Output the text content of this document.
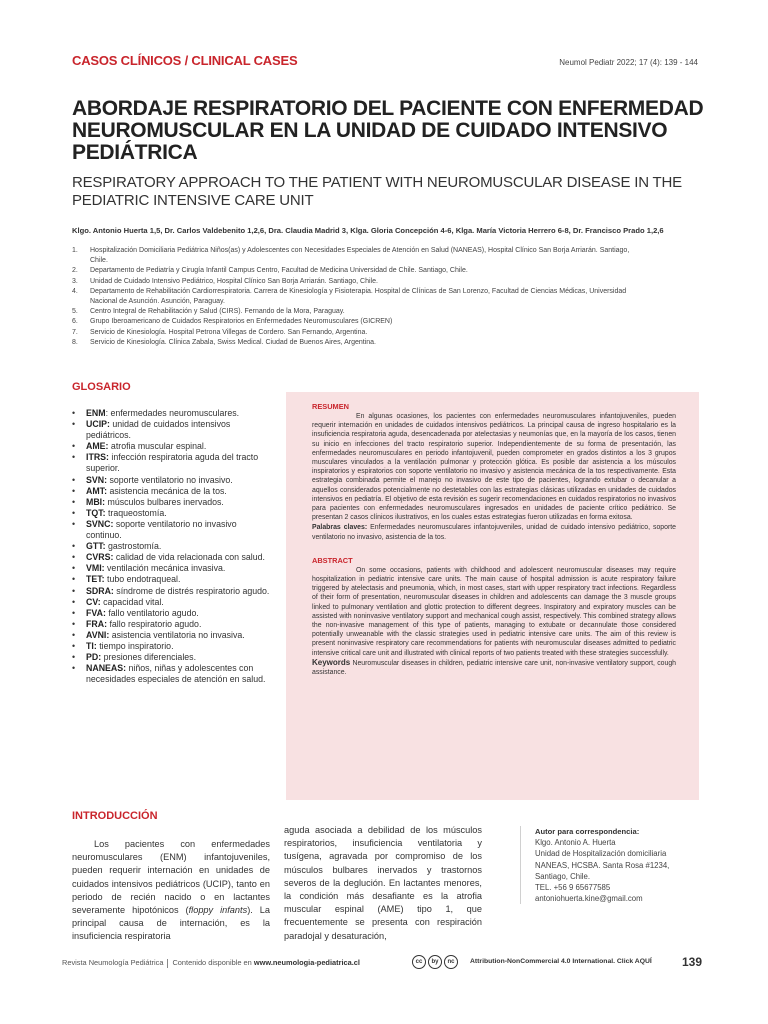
CASOS CLÍNICOS / CLINICAL CASES	Neumol Pediatr 2022; 17 (4): 139 - 144
ABORDAJE RESPIRATORIO DEL PACIENTE CON ENFERMEDAD NEUROMUSCULAR EN LA UNIDAD DE CUIDADO INTENSIVO PEDIÁTRICA
RESPIRATORY APPROACH TO THE PATIENT WITH NEUROMUSCULAR DISEASE IN THE PEDIATRIC INTENSIVE CARE UNIT
Klgo. Antonio Huerta 1,5, Dr. Carlos Valdebenito 1,2,6, Dra. Claudia Madrid 3, Klga. Gloria Concepción 4-6, Klga. María Victoria Herrero 6-8, Dr. Francisco Prado 1,2,6
1. Hospitalización Domiciliaria Pediátrica Niños(as) y Adolescentes con Necesidades Especiales de Atención en Salud (NANEAS), Hospital Clínico San Borja Arriarán. Santiago, Chile.
2. Departamento de Pediatría y Cirugía Infantil Campus Centro, Facultad de Medicina Universidad de Chile. Santiago, Chile.
3. Unidad de Cuidado Intensivo Pediátrico, Hospital Clínico San Borja Arriarán. Santiago, Chile.
4. Departamento de Rehabilitación Cardiorrespiratoria. Carrera de Kinesiología y Fisioterapia. Hospital de Clínicas de San Lorenzo, Facultad de Ciencias Médicas, Universidad Nacional de Asunción. Asunción, Paraguay.
5. Centro Integral de Rehabilitación y Salud (CIRS). Fernando de la Mora, Paraguay.
6. Grupo Iberoamericano de Cuidados Respiratorios en Enfermedades Neuromusculares (GICREN)
7. Servicio de Kinesiología. Hospital Petrona Villegas de Cordero. San Fernando, Argentina.
8. Servicio de Kinesiología. Clínica Zabala, Swiss Medical. Ciudad de Buenos Aires, Argentina.
GLOSARIO
• ENM: enfermedades neuromusculares.
• UCIP: unidad de cuidados intensivos pediátricos.
• AME: atrofia muscular espinal.
• ITRS: infección respiratoria aguda del tracto superior.
• SVN: soporte ventilatorio no invasivo.
• AMT: asistencia mecánica de la tos.
• MBI: músculos bulbares inervados.
• TQT: traqueostomía.
• SVNC: soporte ventilatorio no invasivo continuo.
• GTT: gastrostomía.
• CVRS: calidad de vida relacionada con salud.
• VMI: ventilación mecánica invasiva.
• TET: tubo endotraqueal.
• SDRA: síndrome de distrés respiratorio agudo.
• CV: capacidad vital.
• FVA: fallo ventilatorio agudo.
• FRA: fallo respiratorio agudo.
• AVNI: asistencia ventilatoria no invasiva.
• TI: tiempo inspiratorio.
• PD: presiones diferenciales.
• NANEAS: niños, niñas y adolescentes con necesidades especiales de atención en salud.
RESUMEN

En algunas ocasiones, los pacientes con enfermedades neuromusculares infantojuveniles, pueden requerir internación en unidades de cuidados intensivos pediátricos. La principal causa de ingreso hospitalario es la insuficiencia respiratoria aguda, desencadenada por atelectasias y neumonías que, en la mayoría de los casos, tienen su inicio en infecciones del tracto respiratorio superior. Independientemente de su forma de presentación, las enfermedades neuromusculares en periodo infantojuvenil, pueden comprometer en grados distintos a los 3 grupos musculares vinculados a la ventilación pulmonar y protección glótica. Es posible dar asistencia a los músculos inspiratorios y espiratorios con soporte ventilatorio no invasivo y asistencia mecánica de la tos respectivamente. Esta estrategia combinada permite el manejo no invasivo de este tipo de pacientes, logrando extubar o decanular a aquellos considerados potencialmente no destetables con las estrategias clásicas utilizadas en unidades de cuidados intensivos en pediatría. El objetivo de esta revisión es sugerir recomendaciones en cuidados respiratorios no invasivos para pacientes con enfermedades neuromusculares ingresados en unidades de paciente crítico pediátrico. Se presentan 2 casos clínicos ilustrativos, en los cuales estas estrategias fueron utilizadas en forma exitosa.

Palabras claves: Enfermedades neuromusculares infantojuveniles, unidad de cuidado intensivo pediátrico, soporte ventilatorio no invasivo, asistencia de la tos.

ABSTRACT

On some occasions, patients with childhood and adolescent neuromuscular diseases may require hospitalization in pediatric intensive care units. The main cause of hospital admission is acute respiratory failure triggered by atelectasis and pneumonia, which, in most cases, start with upper respiratory tract infections. Regardless of their form of presentation, neuromuscular diseases in children and adolescents can damage the 3 muscle groups linked to pulmonary ventilation and glottic protection to different degrees. Inspiratory and expiratory muscles can be assisted with noninvasive ventilatory support and mechanical cough assist, respectively. This combined strategy allows the non-invasive management of this type of patients, managing to extubate or decannulate those considered potentially unweanable with the classic strategies used in pediatric intensive care units. The aim of this review is present noninvasive respiratory care recommendations for patients with neuromuscular diseases admitted to pediatric intensive critical care unit and illustrated with clinical reports of two patients treated with these strategies successfully.

Keywords Neuromuscular diseases in children, pediatric intensive care unit, non-invasive ventilatory support, cough assistance.

INTRODUCCIÓN

Los pacientes con enfermedades neuromusculares (ENM) infantojuveniles, pueden requerir internación en unidades de cuidados intensivos pediátricos (UCIP), tanto en periodo de recién nacido o en lactantes severamente hipotónicos (floppy infants). La principal causa de internación, es la insuficiencia respiratoria

aguda asociada a debilidad de los músculos respiratorios, insuficiencia ventilatoria y tusígena, agravada por compromiso de los músculos bulbares inervados y trastornos severos de la deglución. En lactantes menores, la condición más desafiante es la atrofia muscular espinal (AME) tipo 1, que frecuentemente se presenta con respiración paradojal y desaturación,

Autor para correspondencia:
Klgo. Antonio A. Huerta
Unidad de Hospitalización domiciliaria
NANEAS, HCSBA. Santa Rosa #1234,
Santiago, Chile.
TEL. +56 9 65677585
antoniohuerta.kine@gmail.com
Revista Neumología Pediátrica Contenido disponible en www.neumologia-pediatrica.cl	cc	by	nc	Attribution-NonCommercial 4.0 International. Click AQUÍ	139
